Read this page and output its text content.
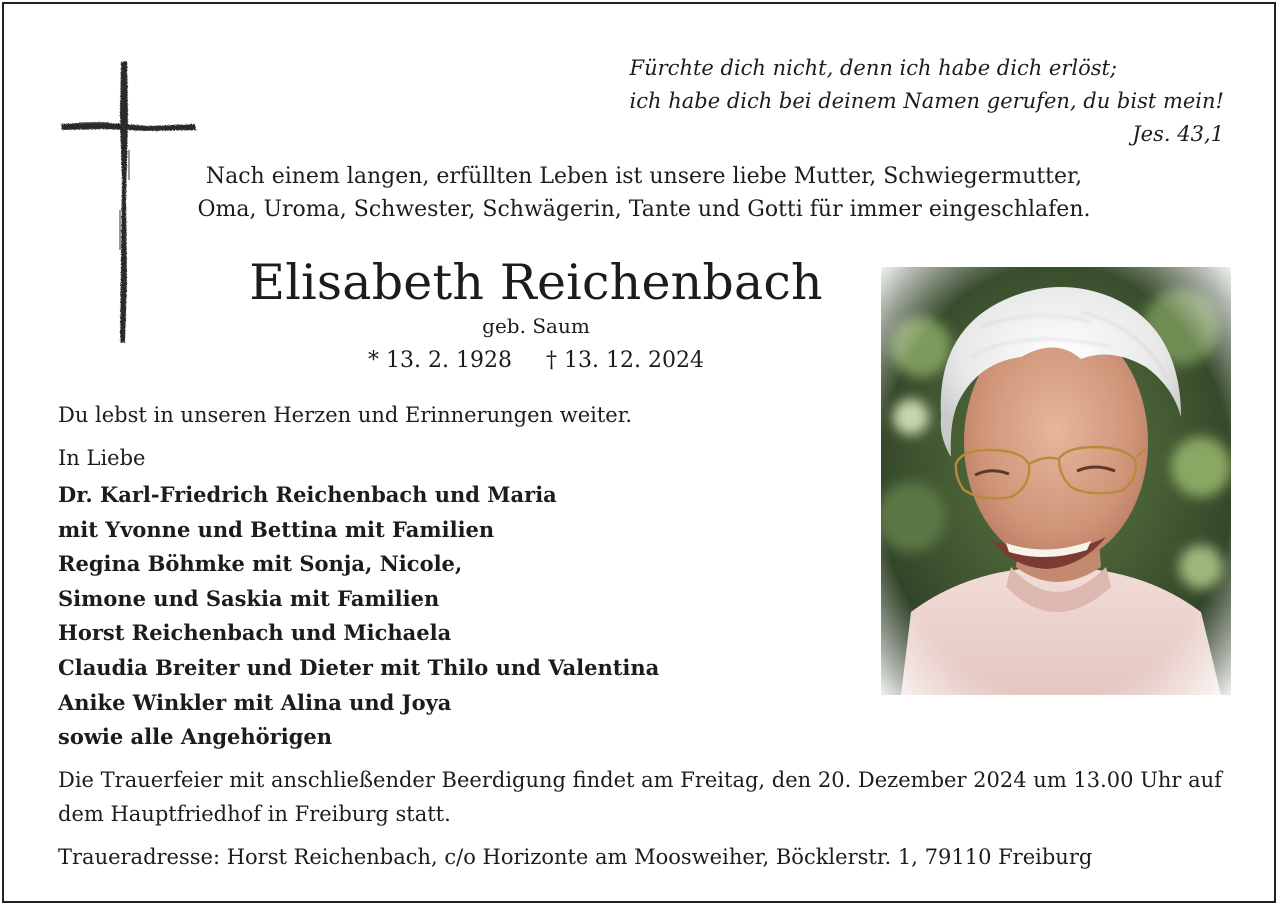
Fürchte dich nicht, denn ich habe dich erlöst;
ich habe dich bei deinem Namen gerufen, du bist mein!
Jes. 43,1
Nach einem langen, erfüllten Leben ist unsere liebe Mutter, Schwiegermutter,
Oma, Uroma, Schwester, Schwägerin, Tante und Gotti für immer eingeschlafen.
Elisabeth Reichenbach
geb. Saum
* 13. 2. 1928 † 13. 12. 2024
Du lebst in unseren Herzen und Erinnerungen weiter.
In Liebe
Dr. Karl-Friedrich Reichenbach und Maria
mit Yvonne und Bettina mit Familien
Regina Böhmke mit Sonja, Nicole,
Simone und Saskia mit Familien
Horst Reichenbach und Michaela
Claudia Breiter und Dieter mit Thilo und Valentina
Anike Winkler mit Alina und Joya
sowie alle Angehörigen
Die Trauerfeier mit anschließender Beerdigung findet am Freitag, den 20. Dezember 2024 um 13.00 Uhr auf dem Hauptfriedhof in Freiburg statt.
Traueradresse: Horst Reichenbach, c/o Horizonte am Moosweiher, Böcklerstr. 1, 79110 Freiburg
